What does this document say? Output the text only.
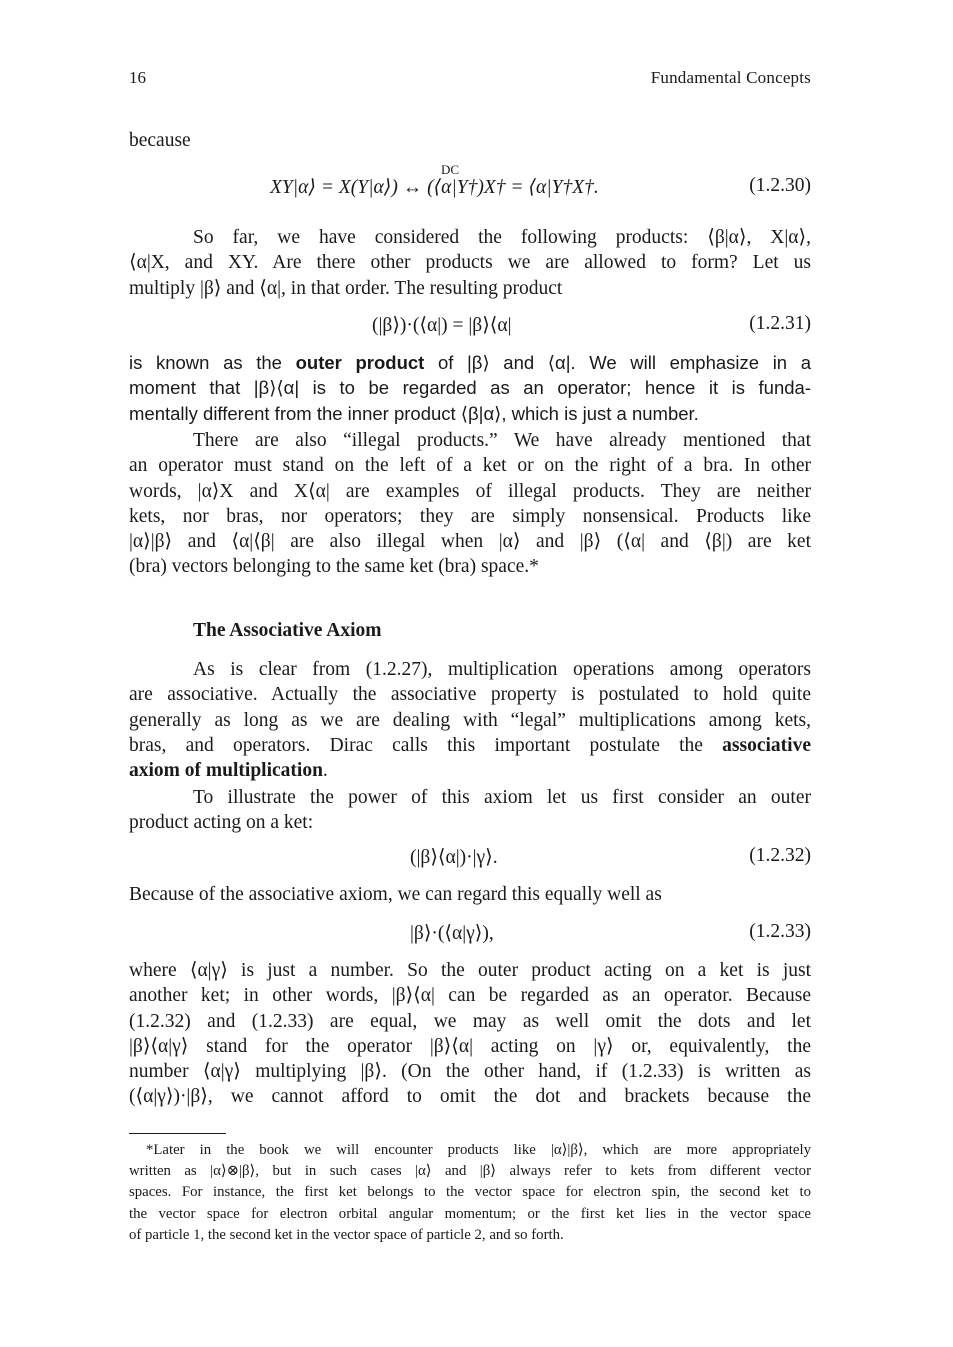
16	Fundamental Concepts
because
DC
XY|α⟩ = X(Y|α⟩) ↔ (⟨α|Y†)X† = ⟨α|Y†X†.	(1.2.30)
So far, we have considered the following products: ⟨β|α⟩, X|α⟩,
⟨α|X, and XY. Are there other products we are allowed to form? Let us
multiply |β⟩ and ⟨α|, in that order. The resulting product
(|β⟩)·(⟨α|) = |β⟩⟨α|	(1.2.31)
is known as the outer product of |β⟩ and ⟨α|. We will emphasize in a
moment that |β⟩⟨α| is to be regarded as an operator; hence it is funda-
mentally different from the inner product ⟨β|α⟩, which is just a number.
There are also “illegal products.” We have already mentioned that
an operator must stand on the left of a ket or on the right of a bra. In other
words, |α⟩X and X⟨α| are examples of illegal products. They are neither
kets, nor bras, nor operators; they are simply nonsensical. Products like
|α⟩|β⟩ and ⟨α|⟨β| are also illegal when |α⟩ and |β⟩ (⟨α| and ⟨β|) are ket
(bra) vectors belonging to the same ket (bra) space.*
The Associative Axiom
As is clear from (1.2.27), multiplication operations among operators
are associative. Actually the associative property is postulated to hold quite
generally as long as we are dealing with “legal” multiplications among kets,
bras, and operators. Dirac calls this important postulate the associative
axiom of multiplication.
To illustrate the power of this axiom let us first consider an outer
product acting on a ket:
(|β⟩⟨α|)·|γ⟩.	(1.2.32)
Because of the associative axiom, we can regard this equally well as
|β⟩·(⟨α|γ⟩),	(1.2.33)
where ⟨α|γ⟩ is just a number. So the outer product acting on a ket is just
another ket; in other words, |β⟩⟨α| can be regarded as an operator. Because
(1.2.32) and (1.2.33) are equal, we may as well omit the dots and let
|β⟩⟨α|γ⟩ stand for the operator |β⟩⟨α| acting on |γ⟩ or, equivalently, the
number ⟨α|γ⟩ multiplying |β⟩. (On the other hand, if (1.2.33) is written as
(⟨α|γ⟩)·|β⟩, we cannot afford to omit the dot and brackets because the
*Later in the book we will encounter products like |α⟩|β⟩, which are more appropriately
written as |α⟩⊗|β⟩, but in such cases |α⟩ and |β⟩ always refer to kets from different vector
spaces. For instance, the first ket belongs to the vector space for electron spin, the second ket to
the vector space for electron orbital angular momentum; or the first ket lies in the vector space
of particle 1, the second ket in the vector space of particle 2, and so forth.
